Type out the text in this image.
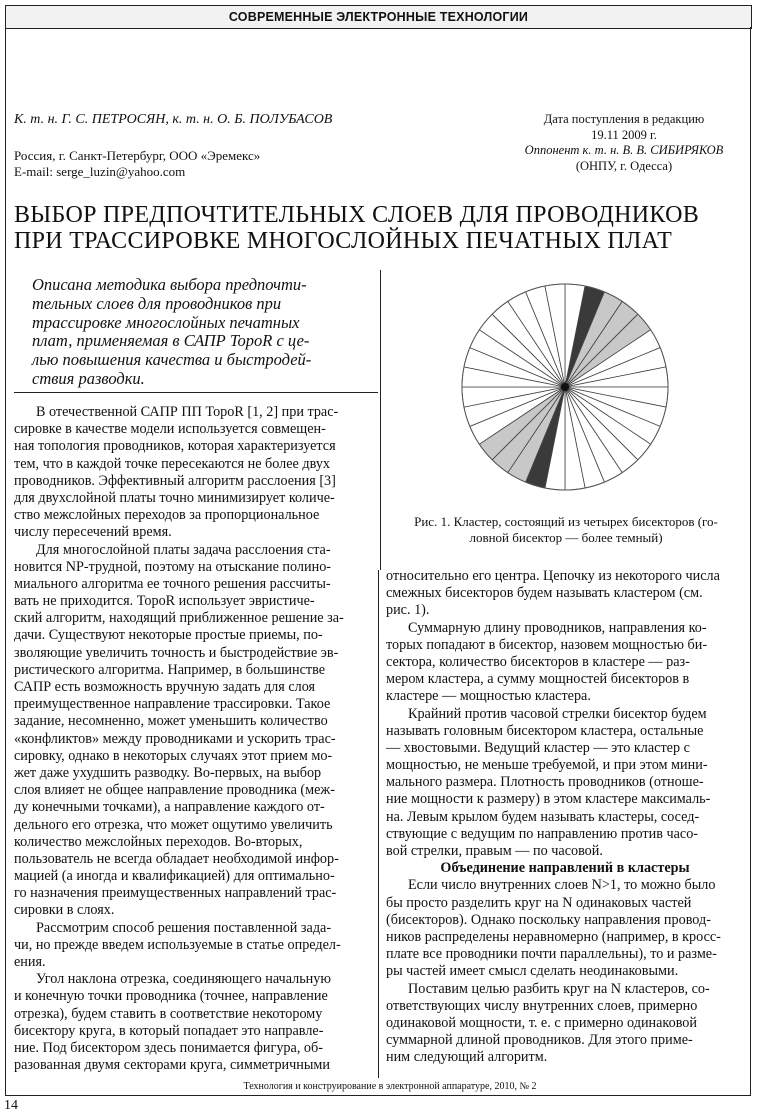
СОВРЕМЕННЫЕ ЭЛЕКТРОННЫЕ ТЕХНОЛОГИИ
К. т. н. Г. С. ПЕТРОСЯН, к. т. н. О. Б. ПОЛУБАСОВ
Россия, г. Санкт-Петербург, ООО «Эремекс»
E-mail: serge_luzin@yahoo.com
Дата поступления в редакцию
19.11 2009 г.
Оппонент к. т. н. В. В. СИБИРЯКОВ
(ОНПУ, г. Одесса)
ВЫБОР ПРЕДПОЧТИТЕЛЬНЫХ СЛОЕВ ДЛЯ ПРОВОДНИКОВ
ПРИ ТРАССИРОВКЕ МНОГОСЛОЙНЫХ ПЕЧАТНЫХ ПЛАТ
Описана методика выбора предпочти-
тельных слоев для проводников при
трассировке многослойных печатных
плат, применяемая в САПР TopoR с це-
лью повышения качества и быстродей-
ствия разводки.
В отечественной САПР ПП TopoR [1, 2] при трас-
сировке в качестве модели используется совмещен-
ная топология проводников, которая характеризуется
тем, что в каждой точке пересекаются не более двух
проводников. Эффективный алгоритм расслоения [3]
для двухслойной платы точно минимизирует количе-
ство межслойных переходов за пропорциональное
числу пересечений время.
Для многослойной платы задача расслоения ста-
новится NP-трудной, поэтому на отыскание полино-
миального алгоритма ее точного решения рассчиты-
вать не приходится. TopoR использует эвристиче-
ский алгоритм, находящий приближенное решение за-
дачи. Существуют некоторые простые приемы, по-
зволяющие увеличить точность и быстродействие эв-
ристического алгоритма. Например, в большинстве
САПР есть возможность вручную задать для слоя
преимущественное направление трассировки. Такое
задание, несомненно, может уменьшить количество
«конфликтов» между проводниками и ускорить трас-
сировку, однако в некоторых случаях этот прием мо-
жет даже ухудшить разводку. Во-первых, на выбор
слоя влияет не общее направление проводника (меж-
ду конечными точками), а направление каждого от-
дельного его отрезка, что может ощутимо увеличить
количество межслойных переходов. Во-вторых,
пользователь не всегда обладает необходимой инфор-
мацией (а иногда и квалификацией) для оптимально-
го назначения преимущественных направлений трас-
сировки в слоях.
Рассмотрим способ решения поставленной зада-
чи, но прежде введем используемые в статье определ-
ения.
Угол наклона отрезка, соединяющего начальную
и конечную точки проводника (точнее, направление
отрезка), будем ставить в соответствие некоторому
бисектору круга, в который попадает это направле-
ние. Под бисектором здесь понимается фигура, об-
разованная двумя секторами круга, симметричными
Рис. 1. Кластер, состоящий из четырех бисекторов (го-
ловной бисектор — более темный)
относительно его центра. Цепочку из некоторого числа
смежных бисекторов будем называть кластером (см.
рис. 1).
Суммарную длину проводников, направления ко-
торых попадают в бисектор, назовем мощностью би-
сектора, количество бисекторов в кластере — раз-
мером кластера, а сумму мощностей бисекторов в
кластере — мощностью кластера.
Крайний против часовой стрелки бисектор будем
называть головным бисектором кластера, остальные
— хвостовыми. Ведущий кластер — это кластер с
мощностью, не меньше требуемой, и при этом мини-
мального размера. Плотность проводников (отноше-
ние мощности к размеру) в этом кластере максималь-
на. Левым крылом будем называть кластеры, сосед-
ствующие с ведущим по направлению против часо-
вой стрелки, правым — по часовой.
Объединение направлений в кластеры
Если число внутренних слоев N>1, то можно было
бы просто разделить круг на N одинаковых частей
(бисекторов). Однако поскольку направления провод-
ников распределены неравномерно (например, в кросс-
плате все проводники почти параллельны), то и разме-
ры частей имеет смысл сделать неодинаковыми.
Поставим целью разбить круг на N кластеров, со-
ответствующих числу внутренних слоев, примерно
одинаковой мощности, т. е. с примерно одинаковой
суммарной длиной проводников. Для этого приме-
ним следующий алгоритм.
Технология и конструирование в электронной аппаратуре, 2010, № 2
14
